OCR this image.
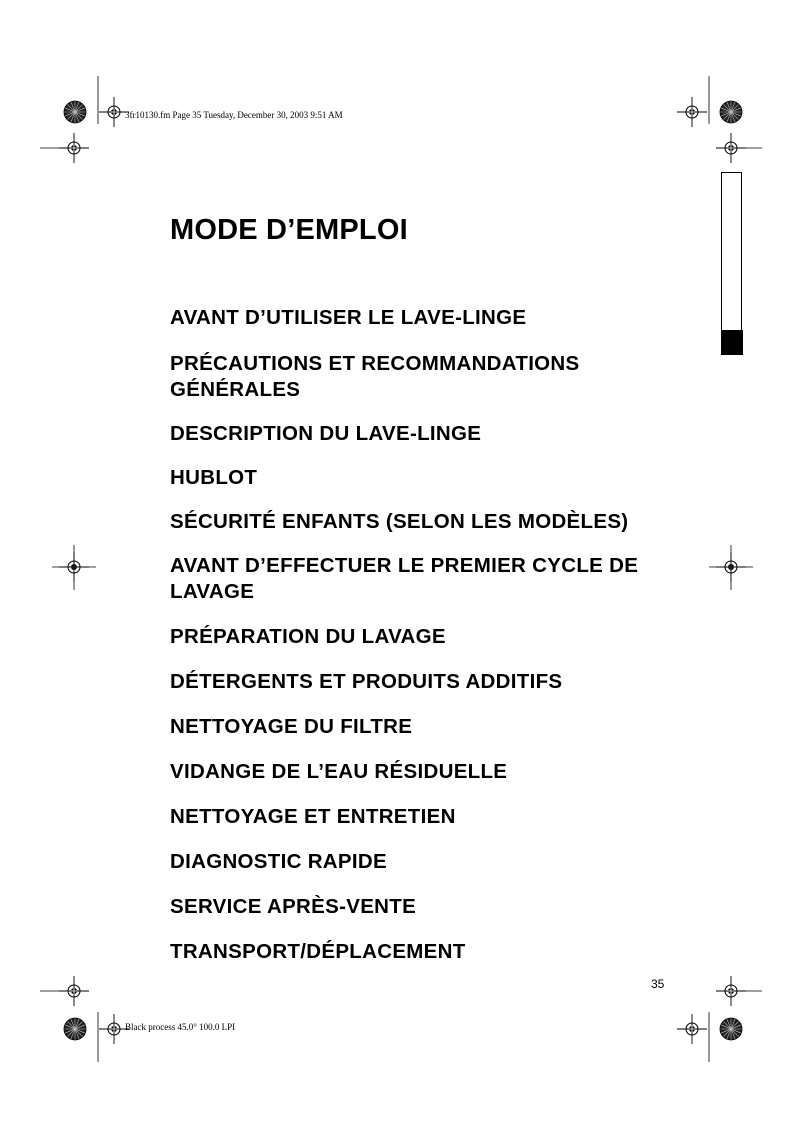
3fr10130.fm Page 35 Tuesday, December 30, 2003 9:51 AM
MODE D’EMPLOI
AVANT D’UTILISER LE LAVE-LINGE
PRÉCAUTIONS ET RECOMMANDATIONS GÉNÉRALES
DESCRIPTION DU LAVE-LINGE
HUBLOT
SÉCURITÉ ENFANTS (SELON LES MODÈLES)
AVANT D’EFFECTUER LE PREMIER CYCLE DE LAVAGE
PRÉPARATION DU LAVAGE
DÉTERGENTS ET PRODUITS ADDITIFS
NETTOYAGE DU FILTRE
VIDANGE DE L’EAU RÉSIDUELLE
NETTOYAGE ET ENTRETIEN
DIAGNOSTIC RAPIDE
SERVICE APRÈS-VENTE
TRANSPORT/DÉPLACEMENT
35
Black process 45.0° 100.0 LPI
